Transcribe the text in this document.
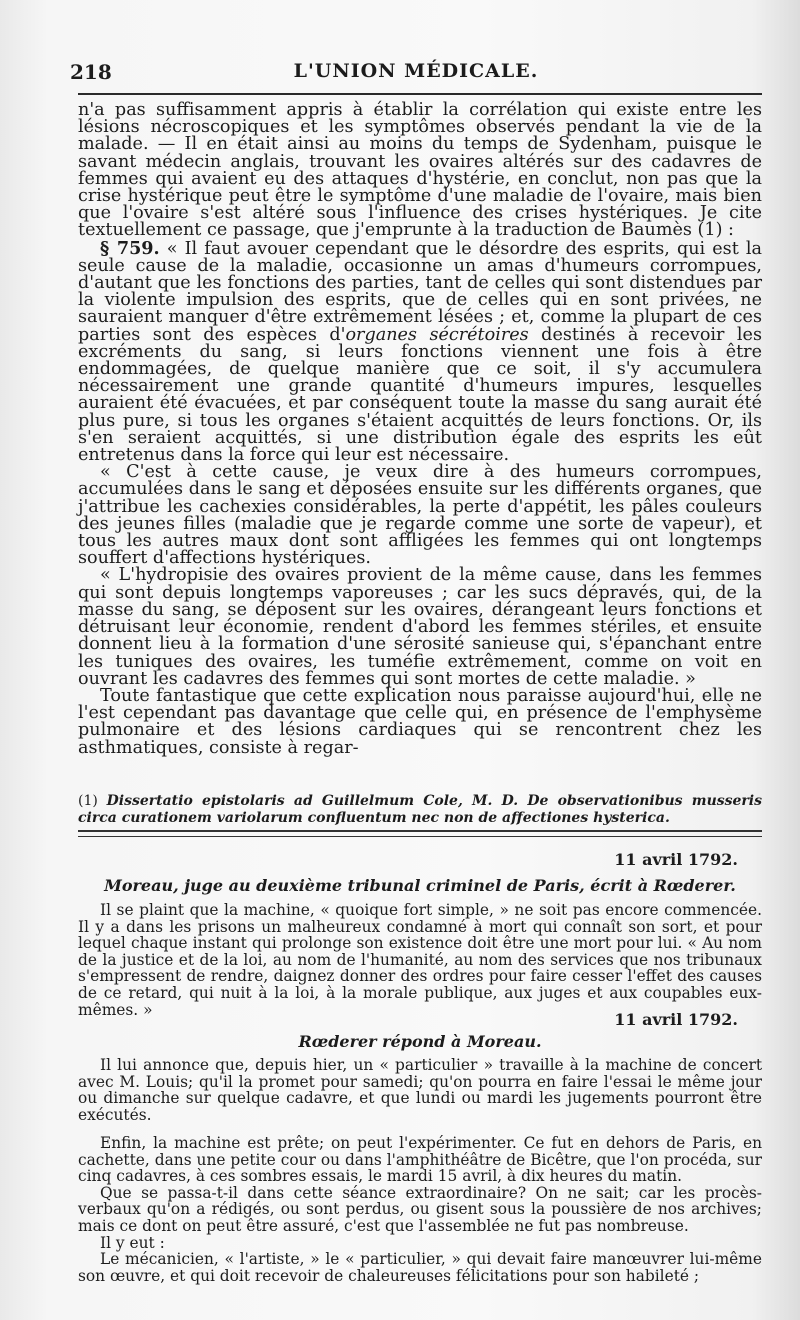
218	L'UNION MÉDICALE.

n'a pas suffisamment appris à établir la corrélation qui existe entre les lésions nécroscopiques et les symptômes observés pendant la vie de la malade. — Il en était ainsi au moins du temps de Sydenham, puisque le savant médecin anglais, trouvant les ovaires altérés sur des cadavres de femmes qui avaient eu des attaques d'hystérie, en conclut, non pas que la crise hystérique peut être le symptôme d'une maladie de l'ovaire, mais bien que l'ovaire s'est altéré sous l'influence des crises hystériques. Je cite textuellement ce passage, que j'emprunte à la traduction de Baumès (1) :

§ 759. « Il faut avouer cependant que le désordre des esprits, qui est la seule cause de la maladie, occasionne un amas d'humeurs corrompues, d'autant que les fonctions des parties, tant de celles qui sont distendues par la violente impulsion des esprits, que de celles qui en sont privées, ne sauraient manquer d'être extrêmement lésées ; et, comme la plupart de ces parties sont des espèces d'organes sécrétoires destinés à recevoir les excréments du sang, si leurs fonctions viennent une fois à être endommagées, de quelque manière que ce soit, il s'y accumulera nécessairement une grande quantité d'humeurs impures, lesquelles auraient été évacuées, et par conséquent toute la masse du sang aurait été plus pure, si tous les organes s'étaient acquittés de leurs fonctions. Or, ils s'en seraient acquittés, si une distribution égale des esprits les eût entretenus dans la force qui leur est nécessaire.

« C'est à cette cause, je veux dire à des humeurs corrompues, accumulées dans le sang et déposées ensuite sur les différents organes, que j'attribue les cachexies considérables, la perte d'appétit, les pâles couleurs des jeunes filles (maladie que je regarde comme une sorte de vapeur), et tous les autres maux dont sont affligées les femmes qui ont longtemps souffert d'affections hystériques.

« L'hydropisie des ovaires provient de la même cause, dans les femmes qui sont depuis longtemps vaporeuses ; car les sucs dépravés, qui, de la masse du sang, se déposent sur les ovaires, dérangeant leurs fonctions et détruisant leur économie, rendent d'abord les femmes stériles, et ensuite donnent lieu à la formation d'une sérosité sanieuse qui, s'épanchant entre les tuniques des ovaires, les tuméfie extrêmement, comme on voit en ouvrant les cadavres des femmes qui sont mortes de cette maladie. »

Toute fantastique que cette explication nous paraisse aujourd'hui, elle ne l'est cependant pas davantage que celle qui, en présence de l'emphysème pulmonaire et des lésions cardiaques qui se rencontrent chez les asthmatiques, consiste à regar-

(1) Dissertatio epistolaris ad Guillelmum Cole, M. D. De observationibus musseris circa curationem variolarum confluentum nec non de affectiones hysterica.
11 avril 1792.
Moreau, juge au deuxième tribunal criminel de Paris, écrit à Rœderer.

Il se plaint que la machine, « quoique fort simple, » ne soit pas encore commencée. Il y a dans les prisons un malheureux condamné à mort qui connaît son sort, et pour lequel chaque instant qui prolonge son existence doit être une mort pour lui. « Au nom de la justice et de la loi, au nom de l'humanité, au nom des services que nos tribunaux s'empressent de rendre, daignez donner des ordres pour faire cesser l'effet des causes de ce retard, qui nuit à la loi, à la morale publique, aux juges et aux coupables eux-mêmes. »

11 avril 1792.
Rœderer répond à Moreau.

Il lui annonce que, depuis hier, un « particulier » travaille à la machine de concert avec M. Louis; qu'il la promet pour samedi; qu'on pourra en faire l'essai le même jour ou dimanche sur quelque cadavre, et que lundi ou mardi les jugements pourront être exécutés.

Enfin, la machine est prête; on peut l'expérimenter. Ce fut en dehors de Paris, en cachette, dans une petite cour ou dans l'amphithéâtre de Bicêtre, que l'on procéda, sur cinq cadavres, à ces sombres essais, le mardi 15 avril, à dix heures du matin.

Que se passa-t-il dans cette séance extraordinaire? On ne sait; car les procès-verbaux qu'on a rédigés, ou sont perdus, ou gisent sous la poussière de nos archives; mais ce dont on peut être assuré, c'est que l'assemblée ne fut pas nombreuse.

Il y eut :

Le mécanicien, « l'artiste, » le « particulier, » qui devait faire manœuvrer lui-même son œuvre, et qui doit recevoir de chaleureuses félicitations pour son habileté ;
